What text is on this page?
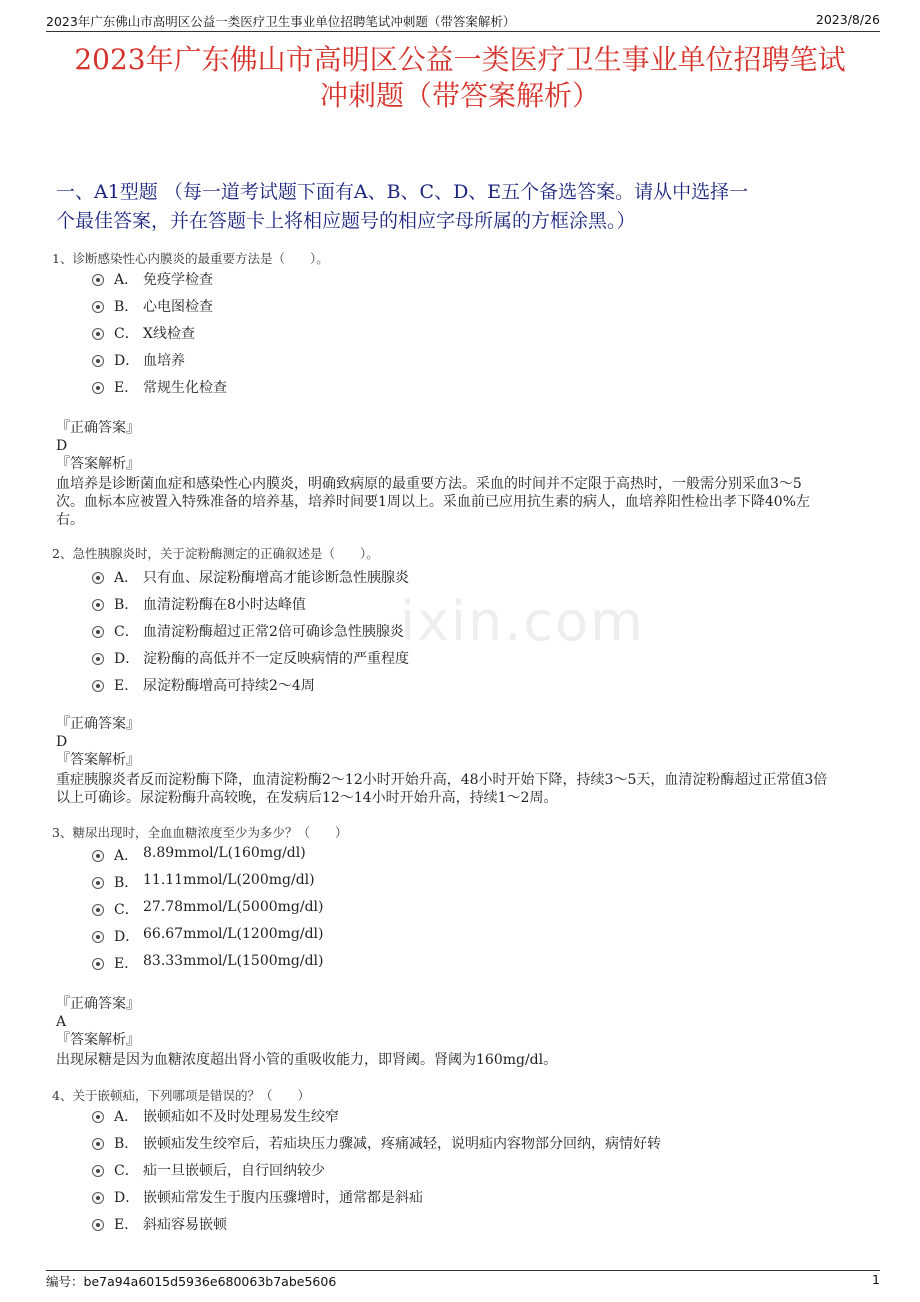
2023年广东佛山市高明区公益一类医疗卫生事业单位招聘笔试冲刺题（带答案解析）	2023/8/26
2023年广东佛山市高明区公益一类医疗卫生事业单位招聘笔试
冲刺题（带答案解析）
一、A1型题 （每一道考试题下面有A、B、C、D、E五个备选答案。请从中选择一
个最佳答案，并在答题卡上将相应题号的相应字母所属的方框涂黑。）
ixin.com
1、诊断感染性心内膜炎的最重要方法是（　　）。
A． 免疫学检查
B． 心电图检查
C． X线检查
D． 血培养
E． 常规生化检查
『正确答案』
D
『答案解析』
血培养是诊断菌血症和感染性心内膜炎，明确致病原的最重要方法。采血的时间并不定限于高热时，一般需分别采血3～5
次。血标本应被置入特殊准备的培养基，培养时间要1周以上。采血前已应用抗生素的病人，血培养阳性检出孝下降40%左
右。
2、急性胰腺炎时，关于淀粉酶测定的正确叙述是（　　）。
A． 只有血、尿淀粉酶增高才能诊断急性胰腺炎
B． 血清淀粉酶在8小时达峰值
C． 血清淀粉酶超过正常2倍可确诊急性胰腺炎
D． 淀粉酶的高低并不一定反映病情的严重程度
E． 尿淀粉酶增高可持续2～4周
『正确答案』
D
『答案解析』
重症胰腺炎者反而淀粉酶下降，血清淀粉酶2～12小时开始升高，48小时开始下降，持续3～5天，血清淀粉酶超过正常值3倍
以上可确诊。尿淀粉酶升高较晚，在发病后12～14小时开始升高，持续1～2周。
3、糖尿出现时，全血血糖浓度至少为多少？（　　）
A． 8.89mmol/L(160mg/dl)
B． 11.11mmol/L(200mg/dl)
C． 27.78mmol/L(5000mg/dl)
D． 66.67mmol/L(1200mg/dl)
E． 83.33mmol/L(1500mg/dl)
『正确答案』
A
『答案解析』
出现尿糖是因为血糖浓度超出肾小管的重吸收能力，即肾阈。肾阈为160mg/dl。
4、关于嵌顿疝，下列哪项是错误的？（　　）
A． 嵌顿疝如不及时处理易发生绞窄
B． 嵌顿疝发生绞窄后，若疝块压力骤减，疼痛减轻，说明疝内容物部分回纳，病情好转
C． 疝一旦嵌顿后，自行回纳较少
D． 嵌顿疝常发生于腹内压骤增时，通常都是斜疝
E． 斜疝容易嵌顿
编号：be7a94a6015d5936e680063b7abe5606	1
